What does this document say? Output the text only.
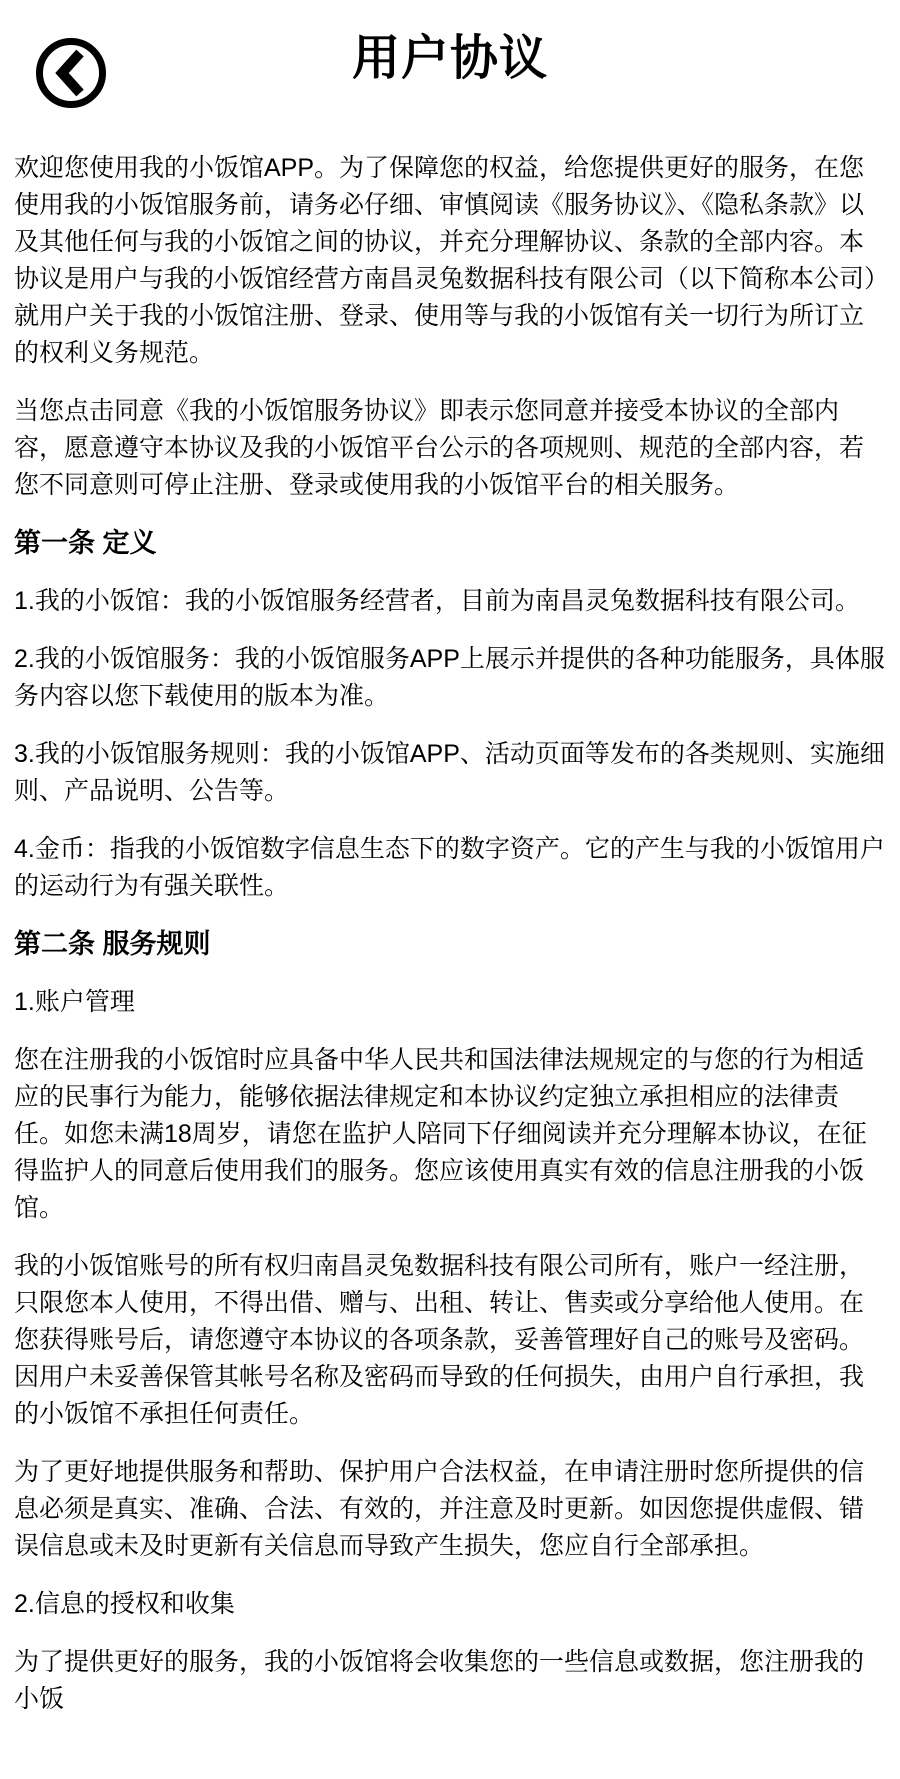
用户协议

欢迎您使用我的小饭馆APP。为了保障您的权益，给您提供更好的服务，在您使用我的小饭馆服务前，请务必仔细、审慎阅读《服务协议》、《隐私条款》以及其他任何与我的小饭馆之间的协议，并充分理解协议、条款的全部内容。本协议是用户与我的小饭馆经营方南昌灵兔数据科技有限公司（以下简称本公司）就用户关于我的小饭馆注册、登录、使用等与我的小饭馆有关一切行为所订立的权利义务规范。

当您点击同意《我的小饭馆服务协议》即表示您同意并接受本协议的全部内容，愿意遵守本协议及我的小饭馆平台公示的各项规则、规范的全部内容，若您不同意则可停止注册、登录或使用我的小饭馆平台的相关服务。

第一条 定义

1.我的小饭馆：我的小饭馆服务经营者，目前为南昌灵兔数据科技有限公司。

2.我的小饭馆服务：我的小饭馆服务APP上展示并提供的各种功能服务，具体服务内容以您下载使用的版本为准。

3.我的小饭馆服务规则：我的小饭馆APP、活动页面等发布的各类规则、实施细则、产品说明、公告等。

4.金币：指我的小饭馆数字信息生态下的数字资产。它的产生与我的小饭馆用户的运动行为有强关联性。

第二条 服务规则

1.账户管理

您在注册我的小饭馆时应具备中华人民共和国法律法规规定的与您的行为相适应的民事行为能力，能够依据法律规定和本协议约定独立承担相应的法律责任。如您未满18周岁，请您在监护人陪同下仔细阅读并充分理解本协议，在征得监护人的同意后使用我们的服务。您应该使用真实有效的信息注册我的小饭馆。

我的小饭馆账号的所有权归南昌灵兔数据科技有限公司所有，账户一经注册，只限您本人使用，不得出借、赠与、出租、转让、售卖或分享给他人使用。在您获得账号后，请您遵守本协议的各项条款，妥善管理好自己的账号及密码。因用户未妥善保管其帐号名称及密码而导致的任何损失，由用户自行承担，我的小饭馆不承担任何责任。

为了更好地提供服务和帮助、保护用户合法权益，在申请注册时您所提供的信息必须是真实、准确、合法、有效的，并注意及时更新。如因您提供虚假、错误信息或未及时更新有关信息而导致产生损失，您应自行全部承担。

2.信息的授权和收集

为了提供更好的服务，我的小饭馆将会收集您的一些信息或数据，您注册我的小饭
